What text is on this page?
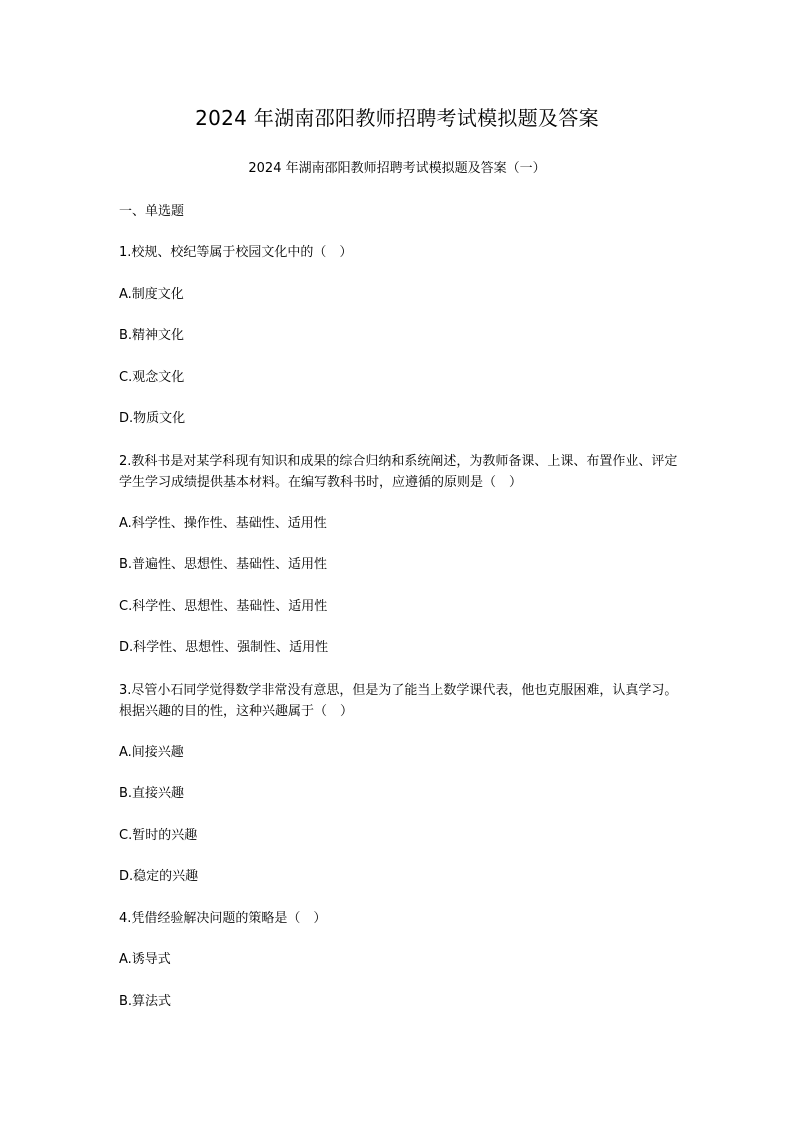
2024 年湖南邵阳教师招聘考试模拟题及答案
2024 年湖南邵阳教师招聘考试模拟题及答案（一）
一、单选题
1.校规、校纪等属于校园文化中的（　）
A.制度文化
B.精神文化
C.观念文化
D.物质文化
2.教科书是对某学科现有知识和成果的综合归纳和系统阐述，为教师备课、上课、布置作业、评定学生学习成绩提供基本材料。在编写教科书时，应遵循的原则是（　）
A.科学性、操作性、基础性、适用性
B.普遍性、思想性、基础性、适用性
C.科学性、思想性、基础性、适用性
D.科学性、思想性、强制性、适用性
3.尽管小石同学觉得数学非常没有意思，但是为了能当上数学课代表，他也克服困难，认真学习。根据兴趣的目的性，这种兴趣属于（　）
A.间接兴趣
B.直接兴趣
C.暂时的兴趣
D.稳定的兴趣
4.凭借经验解决问题的策略是（　）
A.诱导式
B.算法式
